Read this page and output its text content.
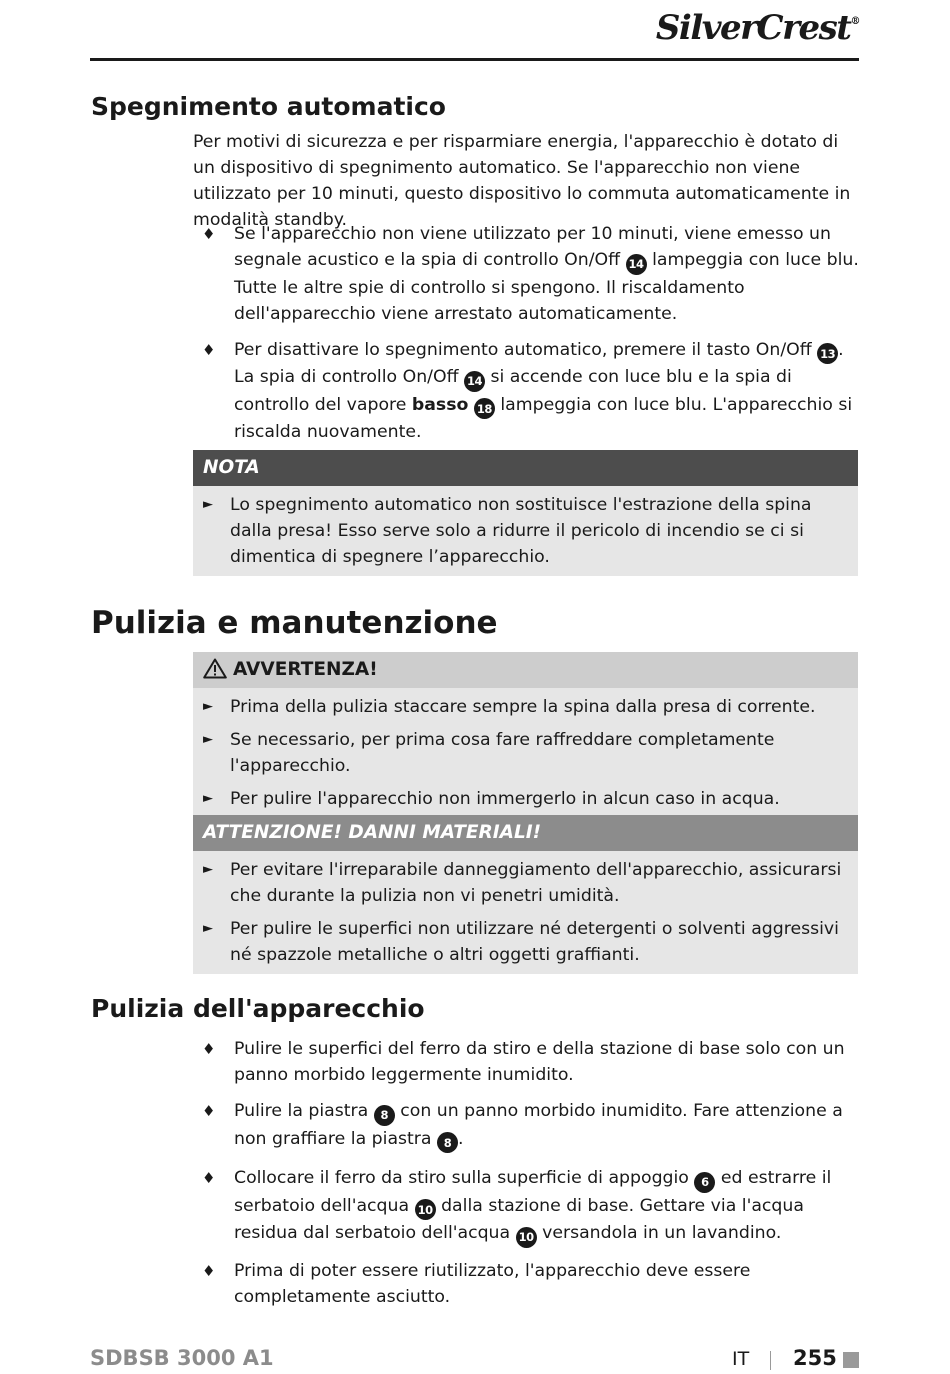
SilverCrest®
Spegnimento automatico

Per motivi di sicurezza e per risparmiare energia, l'apparecchio è dotato di un dispositivo di spegnimento automatico. Se l'apparecchio non viene utilizzato per 10 minuti, questo dispositivo lo commuta automaticamente in modalità standby.

♦ Se l'apparecchio non viene utilizzato per 10 minuti, viene emesso un segnale acustico e la spia di controllo On/Off 14 lampeggia con luce blu. Tutte le altre spie di controllo si spengono. Il riscaldamento dell'apparecchio viene arrestato automaticamente.
♦ Per disattivare lo spegnimento automatico, premere il tasto On/Off 13 . La spia di controllo On/Off 14 si accende con luce blu e la spia di controllo del vapore basso 18 lampeggia con luce blu. L'apparecchio si riscalda nuovamente.
NOTA
► Lo spegnimento automatico non sostituisce l'estrazione della spina dalla presa! Esso serve solo a ridurre il pericolo di incendio se ci si dimentica di spegnere l’apparecchio.
Pulizia e manutenzione
AVVERTENZA!
► Prima della pulizia staccare sempre la spina dalla presa di corrente.
► Se necessario, per prima cosa fare raffreddare completamente l'apparecchio.
► Per pulire l'apparecchio non immergerlo in alcun caso in acqua.
ATTENZIONE! DANNI MATERIALI!
► Per evitare l'irreparabile danneggiamento dell'apparecchio, assicurarsi che durante la pulizia non vi penetri umidità.
► Per pulire le superfici non utilizzare né detergenti o solventi aggressivi né spazzole metalliche o altri oggetti graffianti.
Pulizia dell'apparecchio
♦ Pulire le superfici del ferro da stiro e della stazione di base solo con un panno morbido leggermente inumidito.
♦ Pulire la piastra 8 con un panno morbido inumidito. Fare attenzione a non graffiare la piastra 8 .
♦ Collocare il ferro da stiro sulla superficie di appoggio 6 ed estrarre il serbatoio dell'acqua 10 dalla stazione di base. Gettare via l'acqua residua dal serbatoio dell'acqua 10 versandola in un lavandino.
♦ Prima di poter essere riutilizzato, l'apparecchio deve essere completamente asciutto.
SDBSB 3000 A1	IT 255
